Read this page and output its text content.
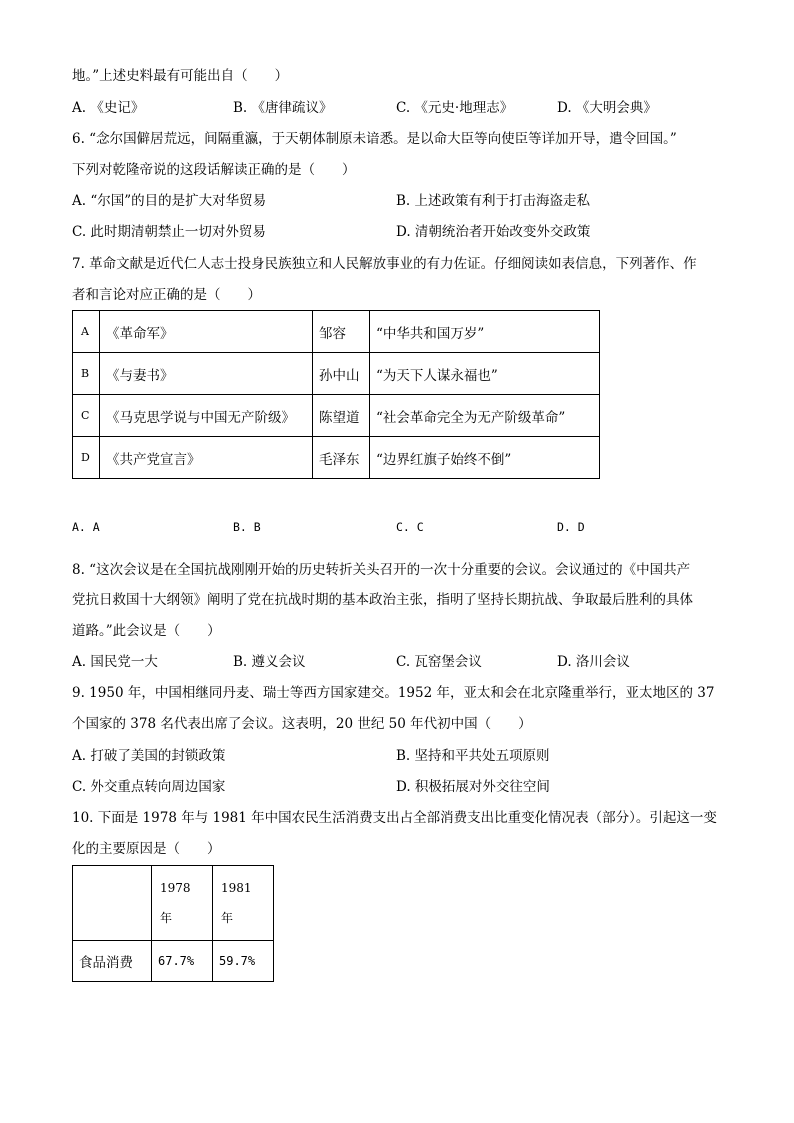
地。”上述史料最有可能出自（　　）
A. 《史记》	B. 《唐律疏议》	C. 《元史·地理志》	D. 《大明会典》
6. “念尔国僻居荒远，间隔重瀛，于天朝体制原未谙悉。是以命大臣等向使臣等详加开导，遣令回国。”
下列对乾隆帝说的这段话解读正确的是（　　）
A. “尔国”的目的是扩大对华贸易	B. 上述政策有利于打击海盗走私
C. 此时期清朝禁止一切对外贸易	D. 清朝统治者开始改变外交政策
7. 革命文献是近代仁人志士投身民族独立和人民解放事业的有力佐证。仔细阅读如表信息，下列著作、作
者和言论对应正确的是（　　）
A	《革命军》	邹容	“中华共和国万岁”
B	《与妻书》	孙中山	“为天下人谋永福也”
C	《马克思学说与中国无产阶级》	陈望道	“社会革命完全为无产阶级革命”
D	《共产党宣言》	毛泽东	“边界红旗子始终不倒”
A. A	B. B	C. C	D. D
8. “这次会议是在全国抗战刚刚开始的历史转折关头召开的一次十分重要的会议。会议通过的《中国共产
党抗日救国十大纲领》阐明了党在抗战时期的基本政治主张，指明了坚持长期抗战、争取最后胜利的具体
道路。”此会议是（　　）
A. 国民党一大	B. 遵义会议	C. 瓦窑堡会议	D. 洛川会议
9. 1950 年，中国相继同丹麦、瑞士等西方国家建交。1952 年，亚太和会在北京隆重举行，亚太地区的 37
个国家的 378 名代表出席了会议。这表明，20 世纪 50 年代初中国（　　）
A. 打破了美国的封锁政策	B. 坚持和平共处五项原则
C. 外交重点转向周边国家	D. 积极拓展对外交往空间
10. 下面是 1978 年与 1981 年中国农民生活消费支出占全部消费支出比重变化情况表（部分）。引起这一变
化的主要原因是（　　）
	1978 年	1981 年
食品消费	67.7%	59.7%
